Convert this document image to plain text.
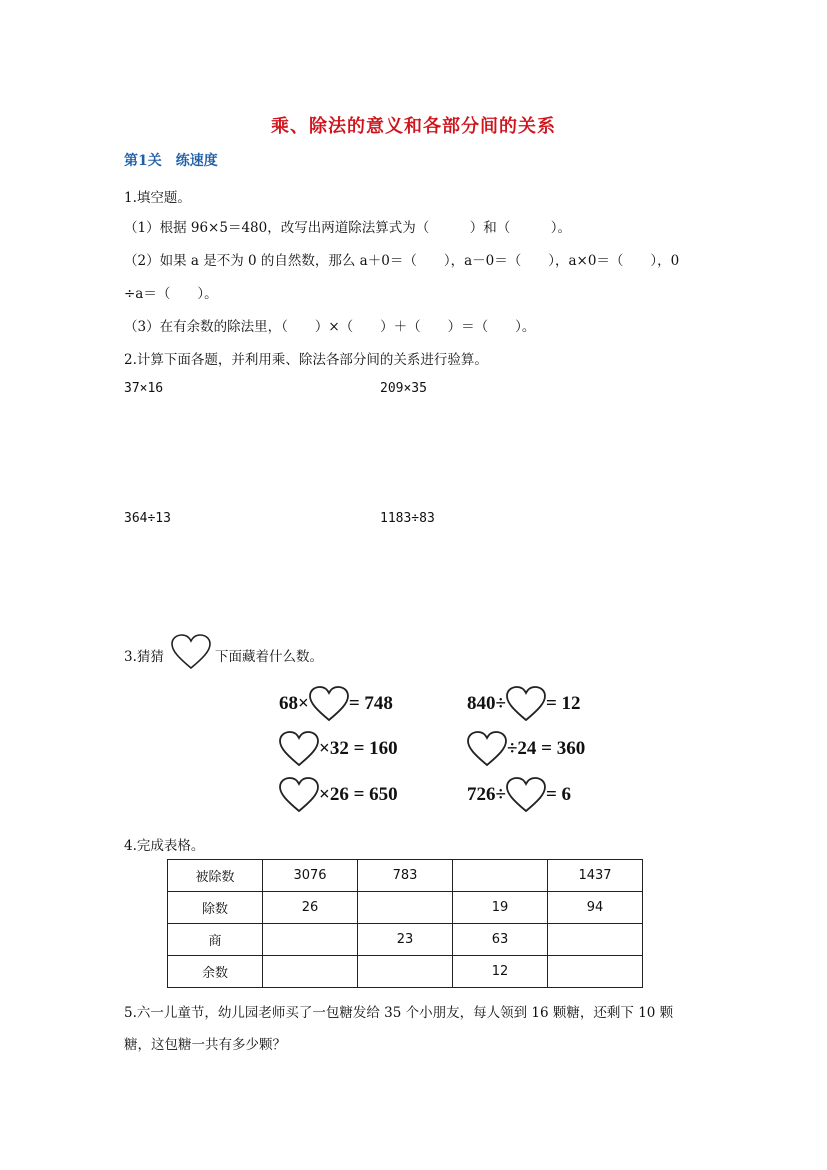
乘、除法的意义和各部分间的关系
第1关　练速度
1.填空题。
（1）根据 96×5＝480，改写出两道除法算式为（　　　）和（　　　）。
（2）如果 a 是不为 0 的自然数，那么 a＋0＝（　　），a－0＝（　　），a×0＝（　　），0
÷a＝（　　）。
（3）在有余数的除法里，（　　）×（　　）＋（　　）＝（　　）。
2.计算下面各题，并利用乘、除法各部分间的关系进行验算。
37×16	209×35
364÷13	1183÷83
3.猜猜	下面藏着什么数。
68× = 748	840÷ = 12
×32 = 160	÷24 = 360
×26 = 650	726÷ = 6
4.完成表格。
被除数	3076	783		1437
除数	26		19	94
商		23	63	
余数			12	
5.六一儿童节，幼儿园老师买了一包糖发给 35 个小朋友，每人领到 16 颗糖，还剩下 10 颗
糖，这包糖一共有多少颗？
